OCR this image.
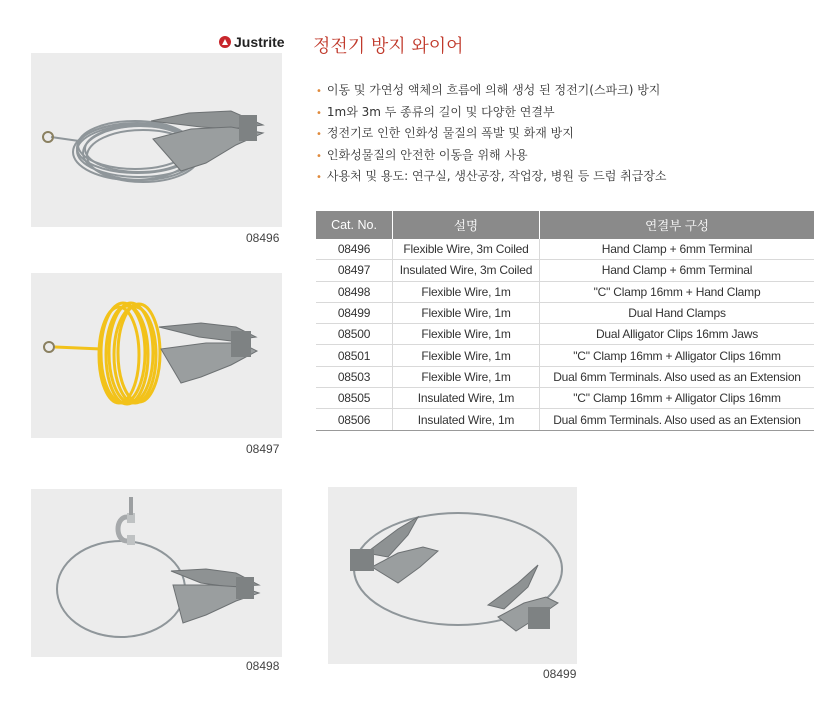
Justrite 정전기 방지 와이어
08496
08497
08498
08499
• 이동 및 가연성 액체의 흐름에 의해 생성 된 정전기(스파크) 방지
• 1m와 3m 두 종류의 길이 및 다양한 연결부
• 정전기로 인한 인화성 물질의 폭발 및 화재 방지
• 인화성물질의 안전한 이동을 위해 사용
• 사용처 및 용도: 연구실, 생산공장, 작업장, 병원 등 드럼 취급장소
Cat. No.	설명	연결부 구성
08496	Flexible Wire, 3m Coiled	Hand Clamp + 6mm Terminal
08497	Insulated Wire, 3m Coiled	Hand Clamp + 6mm Terminal
08498	Flexible Wire, 1m	"C" Clamp 16mm + Hand Clamp
08499	Flexible Wire, 1m	Dual Hand Clamps
08500	Flexible Wire, 1m	Dual Alligator Clips 16mm Jaws
08501	Flexible Wire, 1m	"C" Clamp 16mm + Alligator Clips 16mm
08503	Flexible Wire, 1m	Dual 6mm Terminals. Also used as an Extension
08505	Insulated Wire, 1m	"C" Clamp 16mm + Alligator Clips 16mm
08506	Insulated Wire, 1m	Dual 6mm Terminals. Also used as an Extension
